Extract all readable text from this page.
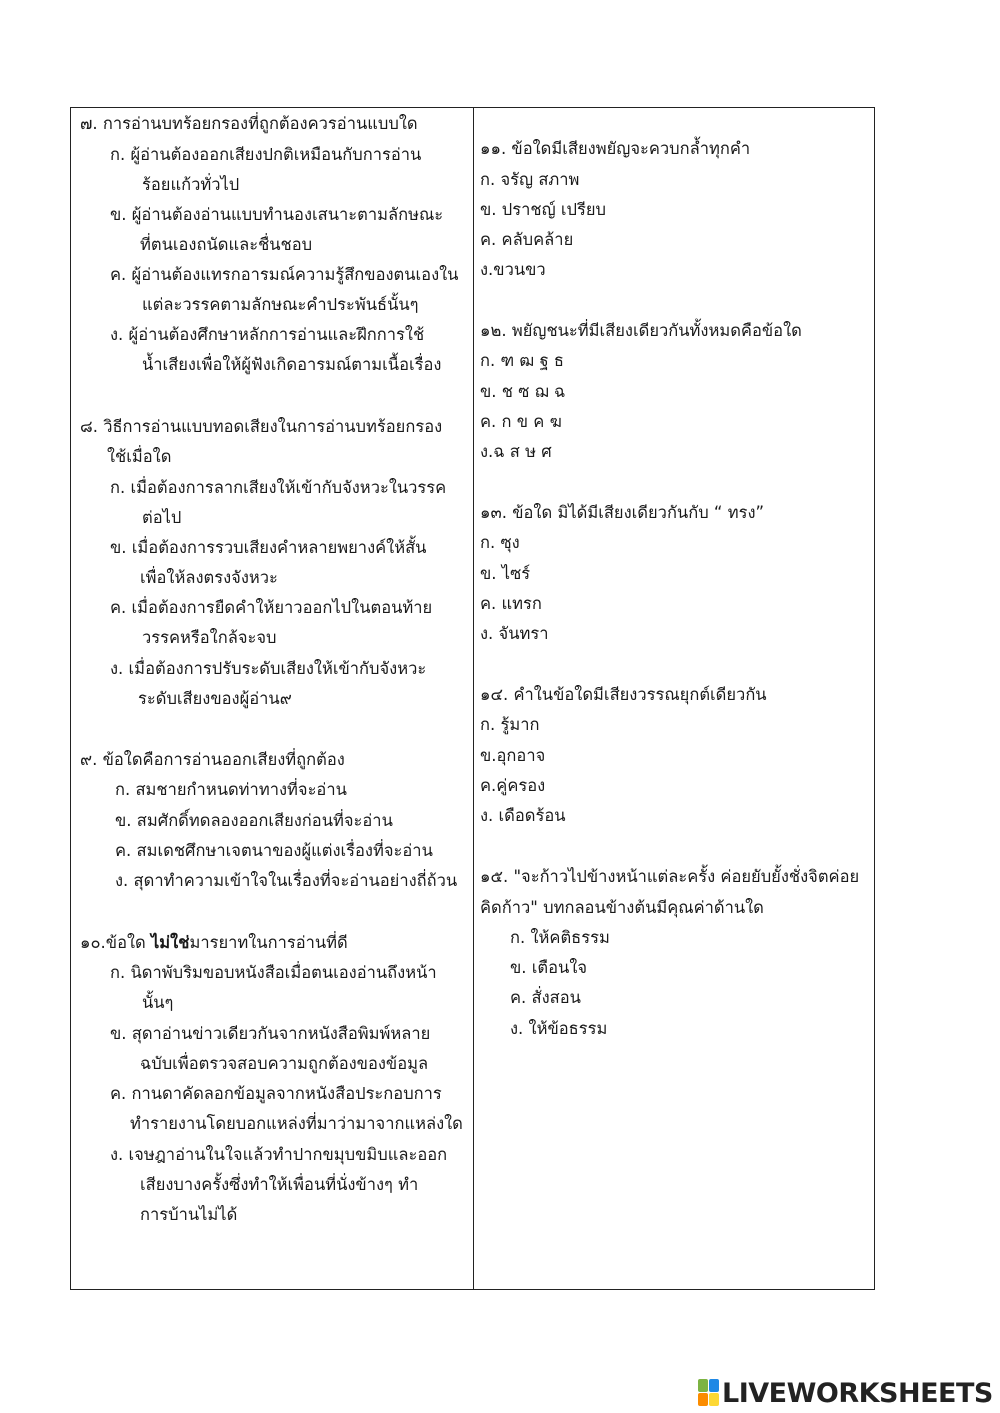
๗. การอ่านบทร้อยกรองที่ถูกต้องควรอ่านแบบใด
ก. ผู้อ่านต้องออกเสียงปกติเหมือนกับการอ่าน
ร้อยแก้วทั่วไป
ข. ผู้อ่านต้องอ่านแบบทำนองเสนาะตามลักษณะ
ที่ตนเองถนัดและชื่นชอบ
ค. ผู้อ่านต้องแทรกอารมณ์ความรู้สึกของตนเองใน
แต่ละวรรคตามลักษณะคำประพันธ์นั้นๆ
ง. ผู้อ่านต้องศึกษาหลักการอ่านและฝึกการใช้
น้ำเสียงเพื่อให้ผู้ฟังเกิดอารมณ์ตามเนื้อเรื่อง
๘. วิธีการอ่านแบบทอดเสียงในการอ่านบทร้อยกรอง
ใช้เมื่อใด
ก. เมื่อต้องการลากเสียงให้เข้ากับจังหวะในวรรค
ต่อไป
ข. เมื่อต้องการรวบเสียงคำหลายพยางค์ให้สั้น
เพื่อให้ลงตรงจังหวะ
ค. เมื่อต้องการยืดคำให้ยาวออกไปในตอนท้าย
วรรคหรือใกล้จะจบ
ง. เมื่อต้องการปรับระดับเสียงให้เข้ากับจังหวะ
ระดับเสียงของผู้อ่าน๙
๙. ข้อใดคือการอ่านออกเสียงที่ถูกต้อง
ก. สมชายกำหนดท่าทางที่จะอ่าน
ข. สมศักดิ์ทดลองออกเสียงก่อนที่จะอ่าน
ค. สมเดชศึกษาเจตนาของผู้แต่งเรื่องที่จะอ่าน
ง. สุดาทำความเข้าใจในเรื่องที่จะอ่านอย่างถี่ถ้วน
๑๐.ข้อใด ไม่ใช่มารยาทในการอ่านที่ดี
ก. นิดาพับริมขอบหนังสือเมื่อตนเองอ่านถึงหน้า
นั้นๆ
ข. สุดาอ่านข่าวเดียวกันจากหนังสือพิมพ์หลาย
ฉบับเพื่อตรวจสอบความถูกต้องของข้อมูล
ค. กานดาคัดลอกข้อมูลจากหนังสือประกอบการ
ทำรายงานโดยบอกแหล่งที่มาว่ามาจากแหล่งใด
ง. เจษฎาอ่านในใจแล้วทำปากขมุบขมิบและออก
เสียงบางครั้งซึ่งทำให้เพื่อนที่นั่งข้างๆ ทำ
การบ้านไม่ได้
๑๑. ข้อใดมีเสียงพยัญจะควบกล้ำทุกคำ
ก. จรัญ สภาพ
ข. ปราชญ์ เปรียบ
ค. คลับคล้าย
ง.ขวนขว
๑๒. พยัญชนะที่มีเสียงเดียวกันทั้งหมดคือข้อใด
ก. ฑ ฒ ฐ ธ
ข. ช ซ ฌ ฉ
ค. ก ข ค ฆ
ง.ฉ ส ษ ศ
๑๓. ข้อใด มิได้มีเสียงเดียวกันกับ “ ทรง”
ก. ซุง
ข. ไซร์
ค. แทรก
ง. จันทรา
๑๔. คำในข้อใดมีเสียงวรรณยุกต์เดียวกัน
ก. รู้มาก
ข.อุกอาจ
ค.คู่ครอง
ง. เดือดร้อน
๑๕. "จะก้าวไปข้างหน้าแต่ละครั้ง ค่อยยับยั้งชั่งจิตค่อย
คิดก้าว" บทกลอนข้างต้นมีคุณค่าด้านใด
ก. ให้คติธรรม
ข. เตือนใจ
ค. สั่งสอน
ง. ให้ข้อธรรม
LIVEWORKSHEETS
